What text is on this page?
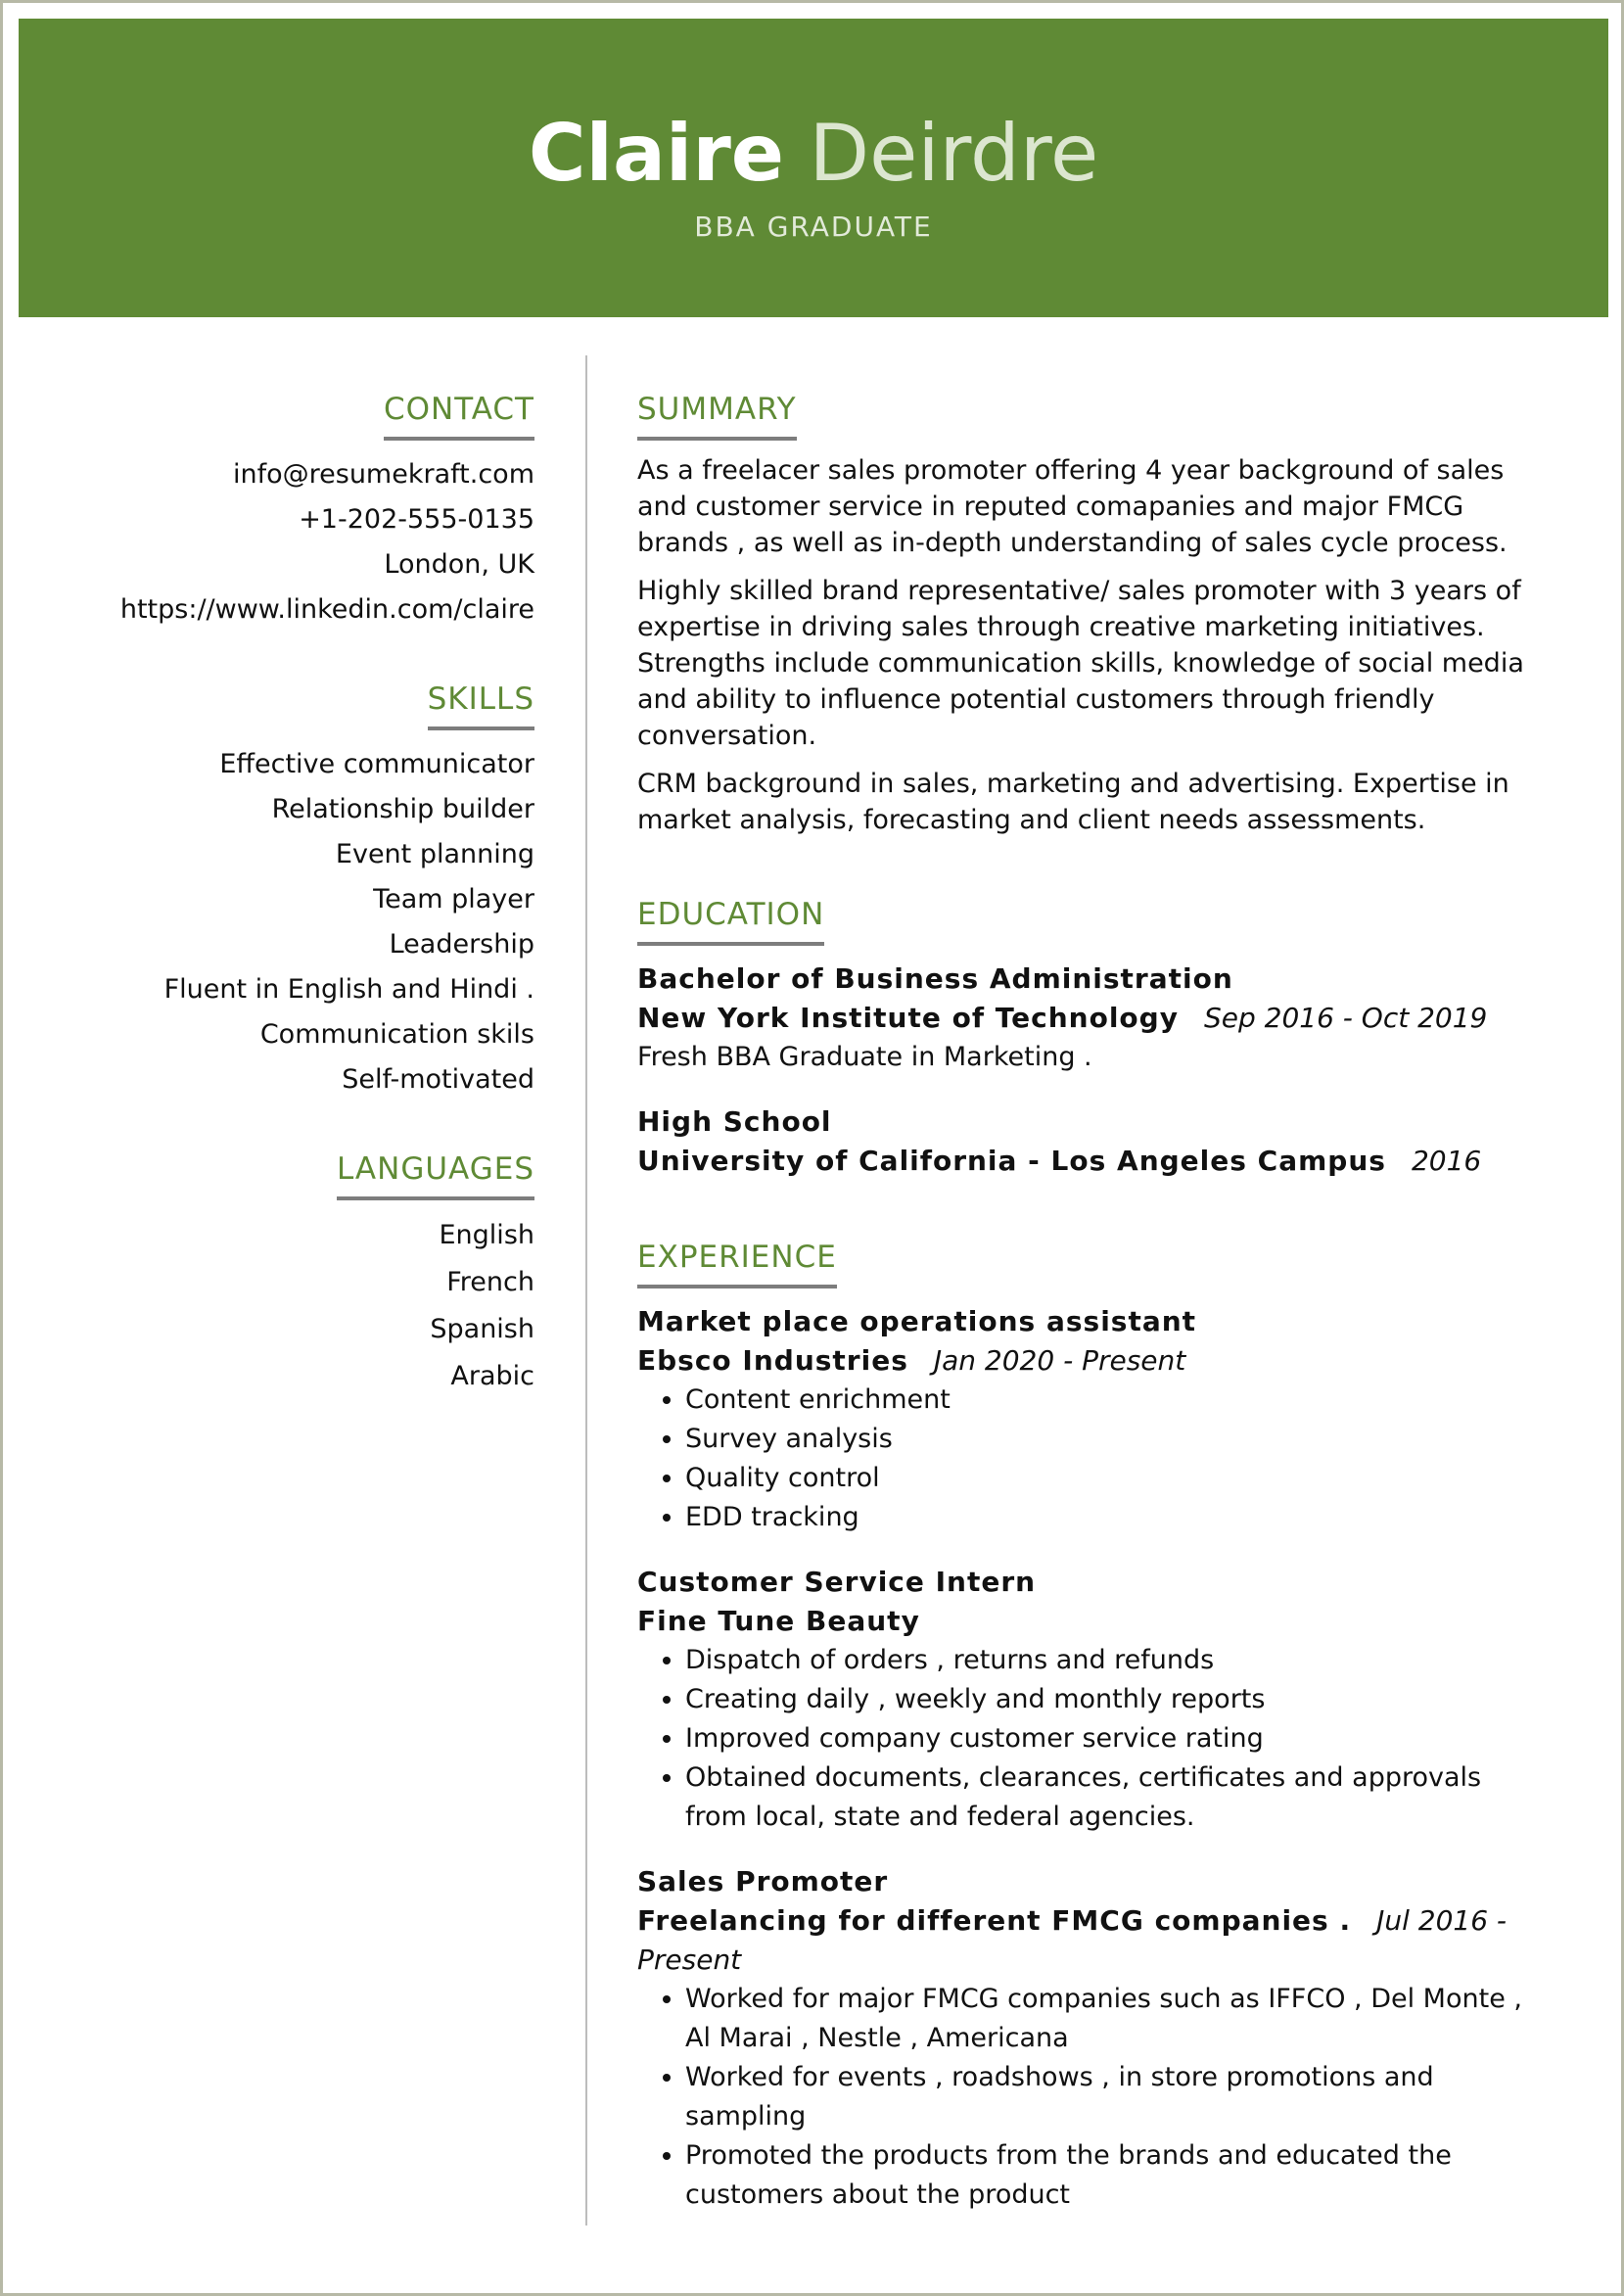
Claire Deirdre
BBA GRADUATE
CONTACT
info@resumekraft.com
+1-202-555-0135
London, UK
https://www.linkedin.com/claire
SKILLS
Effective communicator
Relationship builder
Event planning
Team player
Leadership
Fluent in English and Hindi .
Communication skils
Self-motivated
LANGUAGES
English
French
Spanish
Arabic
SUMMARY
As a freelacer sales promoter offering 4 year background of sales and customer service in reputed comapanies and major FMCG brands , as well as in-depth understanding of sales cycle process.
Highly skilled brand representative/ sales promoter with 3 years of expertise in driving sales through creative marketing initiatives. Strengths include communication skills, knowledge of social media and ability to influence potential customers through friendly conversation.
CRM background in sales, marketing and advertising. Expertise in market analysis, forecasting and client needs assessments.
EDUCATION
Bachelor of Business Administration
New York Institute of Technology Sep 2016 - Oct 2019
Fresh BBA Graduate in Marketing .
High School
University of California - Los Angeles Campus 2016
EXPERIENCE
Market place operations assistant
Ebsco Industries Jan 2020 - Present
• Content enrichment
• Survey analysis
• Quality control
• EDD tracking
Customer Service Intern
Fine Tune Beauty
• Dispatch of orders , returns and refunds
• Creating daily , weekly and monthly reports
• Improved company customer service rating
• Obtained documents, clearances, certificates and approvals from local, state and federal agencies.
Sales Promoter
Freelancing for different FMCG companies . Jul 2016 - Present
• Worked for major FMCG companies such as IFFCO , Del Monte , Al Marai , Nestle , Americana
• Worked for events , roadshows , in store promotions and sampling
• Promoted the products from the brands and educated the customers about the product
